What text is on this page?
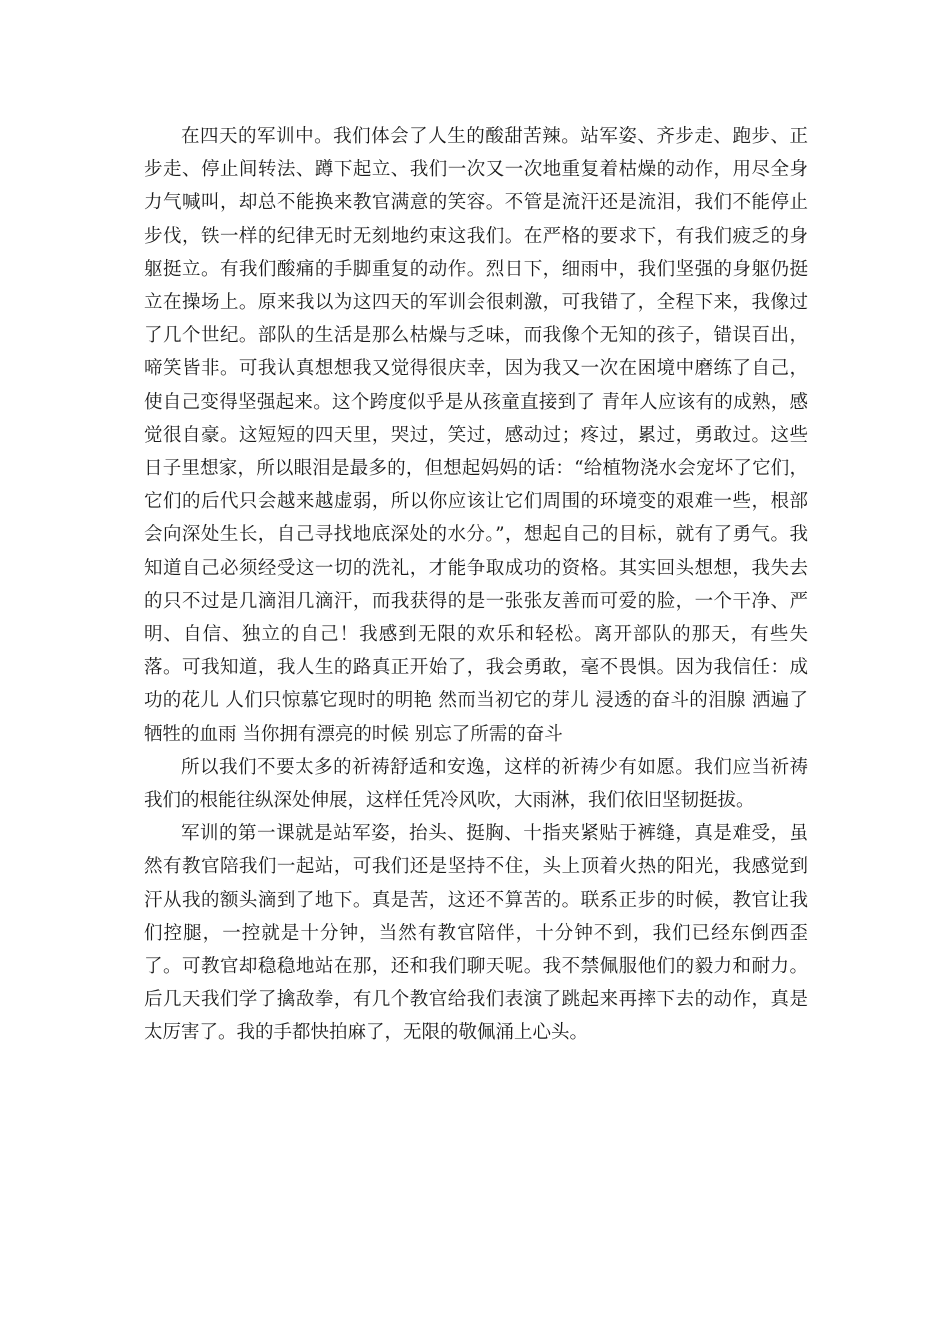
在四天的军训中。我们体会了人生的酸甜苦辣。站军姿、齐步走、跑步、正步走、停止间转法、蹲下起立、我们一次又一次地重复着枯燥的动作，用尽全身力气喊叫，却总不能换来教官满意的笑容。不管是流汗还是流泪，我们不能停止步伐，铁一样的纪律无时无刻地约束这我们。在严格的要求下，有我们疲乏的身躯挺立。有我们酸痛的手脚重复的动作。烈日下，细雨中，我们坚强的身躯仍挺立在操场上。原来我以为这四天的军训会很刺激，可我错了，全程下来，我像过了几个世纪。部队的生活是那么枯燥与乏味，而我像个无知的孩子，错误百出，啼笑皆非。可我认真想想我又觉得很庆幸，因为我又一次在困境中磨练了自己，使自己变得坚强起来。这个跨度似乎是从孩童直接到了 青年人应该有的成熟，感觉很自豪。这短短的四天里，哭过，笑过，感动过；疼过，累过，勇敢过。这些日子里想家，所以眼泪是最多的，但想起妈妈的话：“给植物浇水会宠坏了它们，它们的后代只会越来越虚弱，所以你应该让它们周围的环境变的艰难一些，根部会向深处生长，自己寻找地底深处的水分。”，想起自己的目标，就有了勇气。我知道自己必须经受这一切的洗礼，才能争取成功的资格。其实回头想想，我失去的只不过是几滴泪几滴汗，而我获得的是一张张友善而可爱的脸，一个干净、严明、自信、独立的自己！我感到无限的欢乐和轻松。离开部队的那天，有些失落。可我知道，我人生的路真正开始了，我会勇敢，毫不畏惧。因为我信任：成功的花儿 人们只惊慕它现时的明艳 然而当初它的芽儿 浸透的奋斗的泪腺 洒遍了牺牲的血雨 当你拥有漂亮的时候 别忘了所需的奋斗

所以我们不要太多的祈祷舒适和安逸，这样的祈祷少有如愿。我们应当祈祷我们的根能往纵深处伸展，这样任凭冷风吹，大雨淋，我们依旧坚韧挺拔。

军训的第一课就是站军姿，抬头、挺胸、十指夹紧贴于裤缝，真是难受，虽然有教官陪我们一起站，可我们还是坚持不住，头上顶着火热的阳光，我感觉到汗从我的额头滴到了地下。真是苦，这还不算苦的。联系正步的时候，教官让我们控腿，一控就是十分钟，当然有教官陪伴，十分钟不到，我们已经东倒西歪了。可教官却稳稳地站在那，还和我们聊天呢。我不禁佩服他们的毅力和耐力。后几天我们学了擒敌拳，有几个教官给我们表演了跳起来再摔下去的动作，真是太厉害了。我的手都快拍麻了，无限的敬佩涌上心头。
